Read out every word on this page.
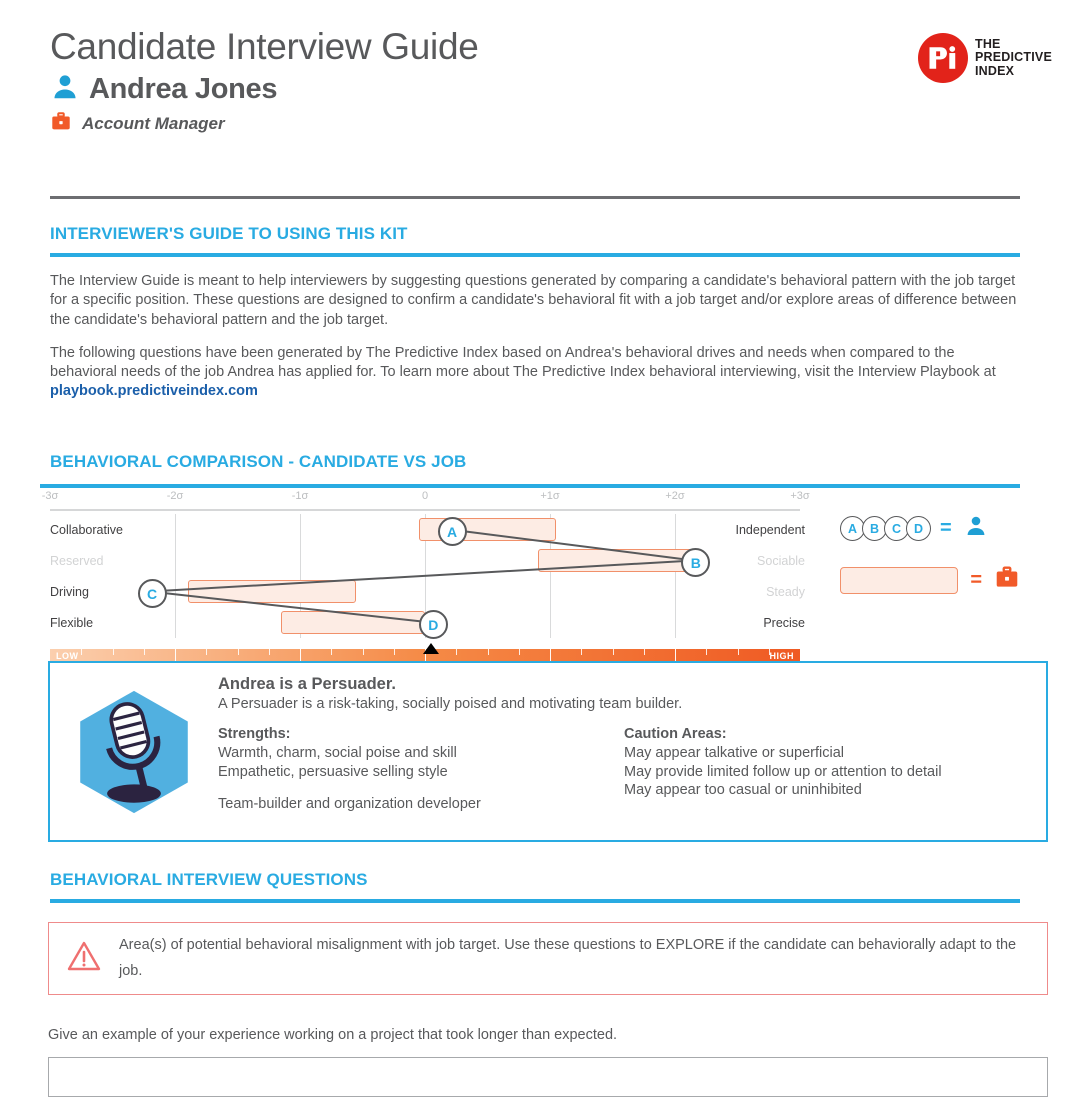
Candidate Interview Guide
Andrea Jones
Account Manager
THE
PREDICTIVE
INDEX
INTERVIEWER'S GUIDE TO USING THIS KIT

The Interview Guide is meant to help interviewers by suggesting questions generated by comparing a candidate's behavioral pattern with the job target for a specific position. These questions are designed to confirm a candidate's behavioral fit with a job target and/or explore areas of difference between the candidate's behavioral pattern and the job target.

The following questions have been generated by The Predictive Index based on Andrea's behavioral drives and needs when compared to the behavioral needs of the job Andrea has applied for. To learn more about The Predictive Index behavioral interviewing, visit the Interview Playbook at playbook.predictiveindex.com

BEHAVIORAL COMPARISON - CANDIDATE VS JOB
-3σ	-2σ	-1σ	0	+1σ	+2σ	+3σ
A
B
C
D
Collaborative	Independent
Reserved	Sociable
Driving	Steady
Flexible	Precise
LOW	HIGH
A	B	C	D =
=
Andrea is a Persuader.
A Persuader is a risk-taking, socially poised and motivating team builder.
Strengths:
Warmth, charm, social poise and skill
Empathetic, persuasive selling style
Team-builder and organization developer
Caution Areas:
May appear talkative or superficial
May provide limited follow up or attention to detail
May appear too casual or uninhibited
BEHAVIORAL INTERVIEW QUESTIONS
Area(s) of potential behavioral misalignment with job target. Use these questions to EXPLORE if the candidate can behaviorally adapt to the job.
Give an example of your experience working on a project that took longer than expected.
